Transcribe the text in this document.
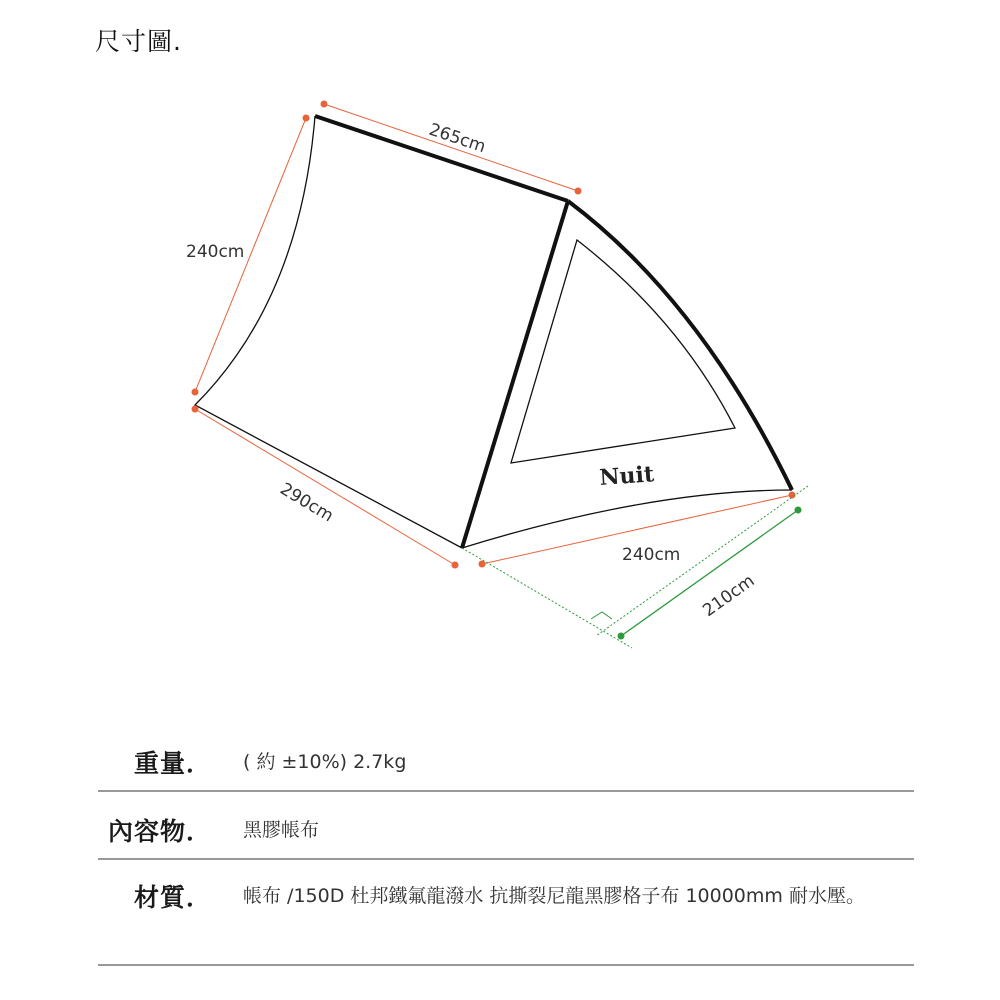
尺寸圖.
265cm
240cm
290cm
240cm
210cm
Nuit
重量． ( 約 ±10%) 2.7kg
內容物． 黑膠帳布
材質． 帳布 /150D 杜邦鐵氟龍潑水 抗撕裂尼龍黑膠格子布 10000mm 耐水壓。
